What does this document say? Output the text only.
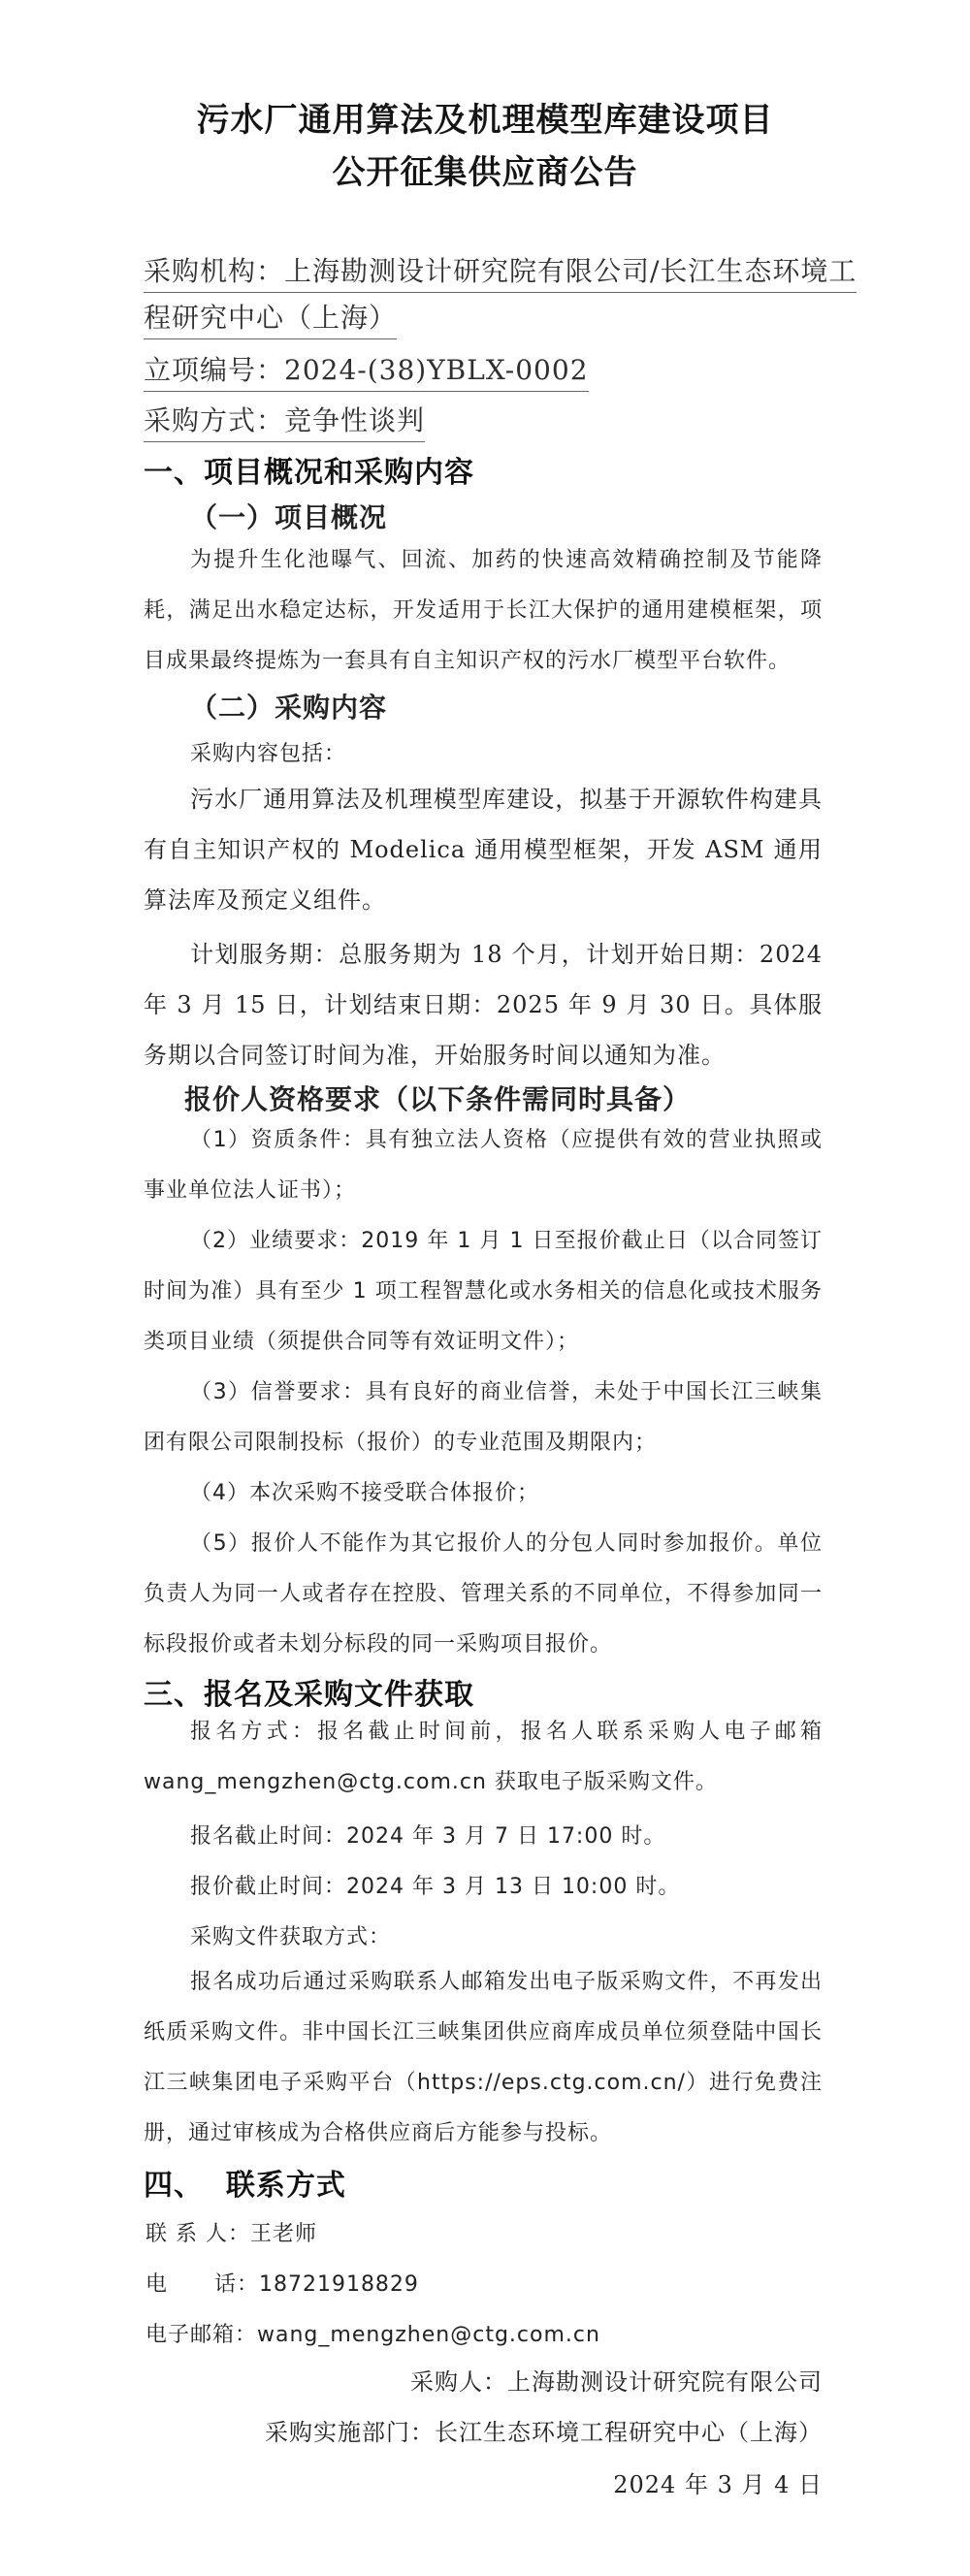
污水厂通用算法及机理模型库建设项目
公开征集供应商公告
采购机构：上海勘测设计研究院有限公司/长江生态环境工
程研究中心（上海）
立项编号：2024-(38)YBLX-0002
采购方式：竞争性谈判
一、项目概况和采购内容
（一）项目概况
为提升生化池曝气、回流、加药的快速高效精确控制及节能降耗，满足出水稳定达标，开发适用于长江大保护的通用建模框架，项目成果最终提炼为一套具有自主知识产权的污水厂模型平台软件。
（二）采购内容
采购内容包括：
污水厂通用算法及机理模型库建设，拟基于开源软件构建具有自主知识产权的 Modelica 通用模型框架，开发 ASM 通用算法库及预定义组件。
计划服务期：总服务期为 18 个月，计划开始日期：2024 年 3 月 15 日，计划结束日期：2025 年 9 月 30 日。具体服务期以合同签订时间为准，开始服务时间以通知为准。
报价人资格要求（以下条件需同时具备）
（1）资质条件：具有独立法人资格（应提供有效的营业执照或事业单位法人证书）；
（2）业绩要求：2019 年 1 月 1 日至报价截止日（以合同签订时间为准）具有至少 1 项工程智慧化或水务相关的信息化或技术服务类项目业绩（须提供合同等有效证明文件）；
（3）信誉要求：具有良好的商业信誉，未处于中国长江三峡集团有限公司限制投标（报价）的专业范围及期限内；
（4）本次采购不接受联合体报价；
（5）报价人不能作为其它报价人的分包人同时参加报价。单位负责人为同一人或者存在控股、管理关系的不同单位，不得参加同一标段报价或者未划分标段的同一采购项目报价。
三、报名及采购文件获取
报名方式：报名截止时间前，报名人联系采购人电子邮箱 wang_mengzhen@ctg.com.cn 获取电子版采购文件。
报名截止时间：2024 年 3 月 7 日 17:00 时。
报价截止时间：2024 年 3 月 13 日 10:00 时。
采购文件获取方式：
报名成功后通过采购联系人邮箱发出电子版采购文件，不再发出纸质采购文件。非中国长江三峡集团供应商库成员单位须登陆中国长江三峡集团电子采购平台（https://eps.ctg.com.cn/）进行免费注册，通过审核成为合格供应商后方能参与投标。
四、  联系方式
联 系 人：王老师
电      话：18721918829
电子邮箱：wang_mengzhen@ctg.com.cn
采购人：上海勘测设计研究院有限公司
采购实施部门：长江生态环境工程研究中心（上海）
2024 年 3 月 4 日
